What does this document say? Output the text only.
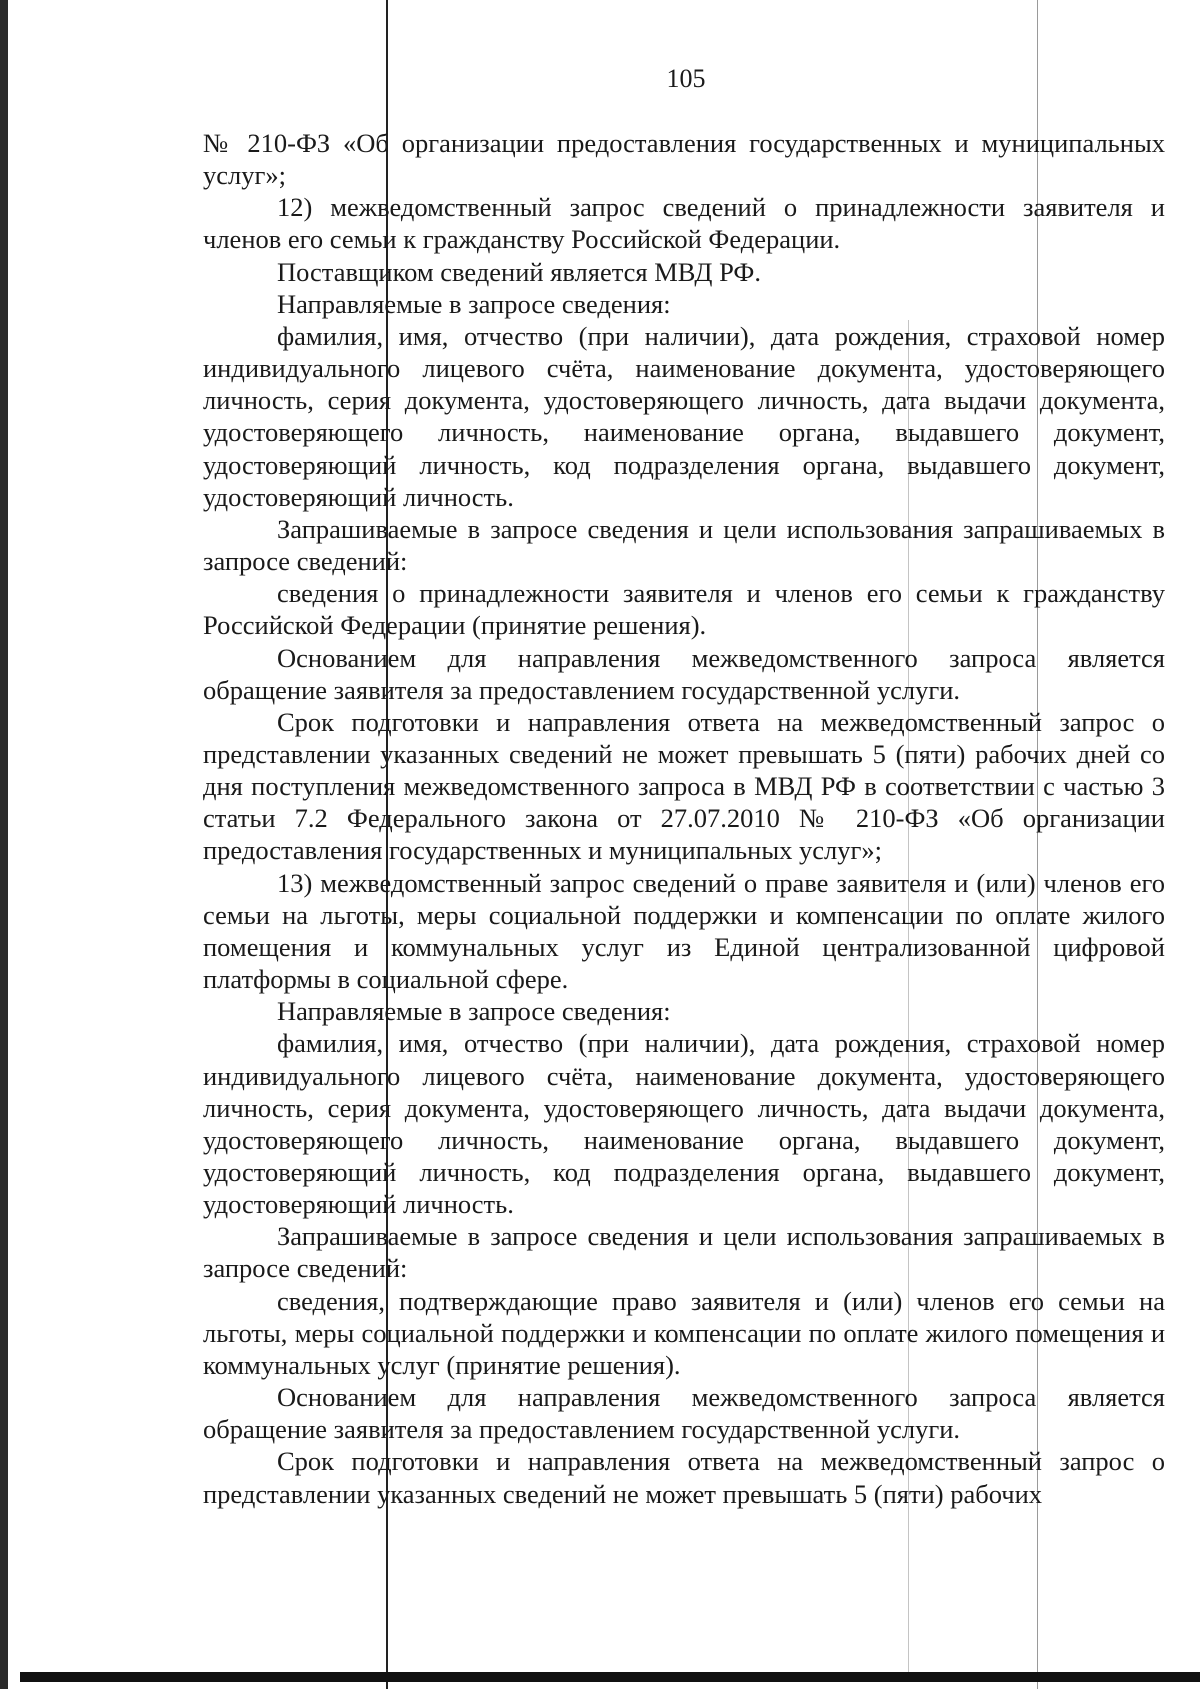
105

№ 210-ФЗ «Об организации предоставления государственных и муниципальных услуг»;

12) межведомственный запрос сведений о принадлежности заявителя и членов его семьи к гражданству Российской Федерации.

Поставщиком сведений является МВД РФ.

Направляемые в запросе сведения:

фамилия, имя, отчество (при наличии), дата рождения, страховой номер индивидуального лицевого счёта, наименование документа, удостоверяющего личность, серия документа, удостоверяющего личность, дата выдачи документа, удостоверяющего личность, наименование органа, выдавшего документ, удостоверяющий личность, код подразделения органа, выдавшего документ, удостоверяющий личность.

Запрашиваемые в запросе сведения и цели использования запрашиваемых в запросе сведений:

сведения о принадлежности заявителя и членов его семьи к гражданству Российской Федерации (принятие решения).

Основанием для направления межведомственного запроса является обращение заявителя за предоставлением государственной услуги.

Срок подготовки и направления ответа на межведомственный запрос о представлении указанных сведений не может превышать 5 (пяти) рабочих дней со дня поступления межведомственного запроса в МВД РФ в соответствии с частью 3 статьи 7.2 Федерального закона от 27.07.2010 № 210-ФЗ «Об организации предоставления государственных и муниципальных услуг»;

13) межведомственный запрос сведений о праве заявителя и (или) членов его семьи на льготы, меры социальной поддержки и компенсации по оплате жилого помещения и коммунальных услуг из Единой централизованной цифровой платформы в социальной сфере.

Направляемые в запросе сведения:

фамилия, имя, отчество (при наличии), дата рождения, страховой номер индивидуального лицевого счёта, наименование документа, удостоверяющего личность, серия документа, удостоверяющего личность, дата выдачи документа, удостоверяющего личность, наименование органа, выдавшего документ, удостоверяющий личность, код подразделения органа, выдавшего документ, удостоверяющий личность.

Запрашиваемые в запросе сведения и цели использования запрашиваемых в запросе сведений:

сведения, подтверждающие право заявителя и (или) членов его семьи на льготы, меры социальной поддержки и компенсации по оплате жилого помещения и коммунальных услуг (принятие решения).

Основанием для направления межведомственного запроса является обращение заявителя за предоставлением государственной услуги.

Срок подготовки и направления ответа на межведомственный запрос о представлении указанных сведений не может превышать 5 (пяти) рабочих
